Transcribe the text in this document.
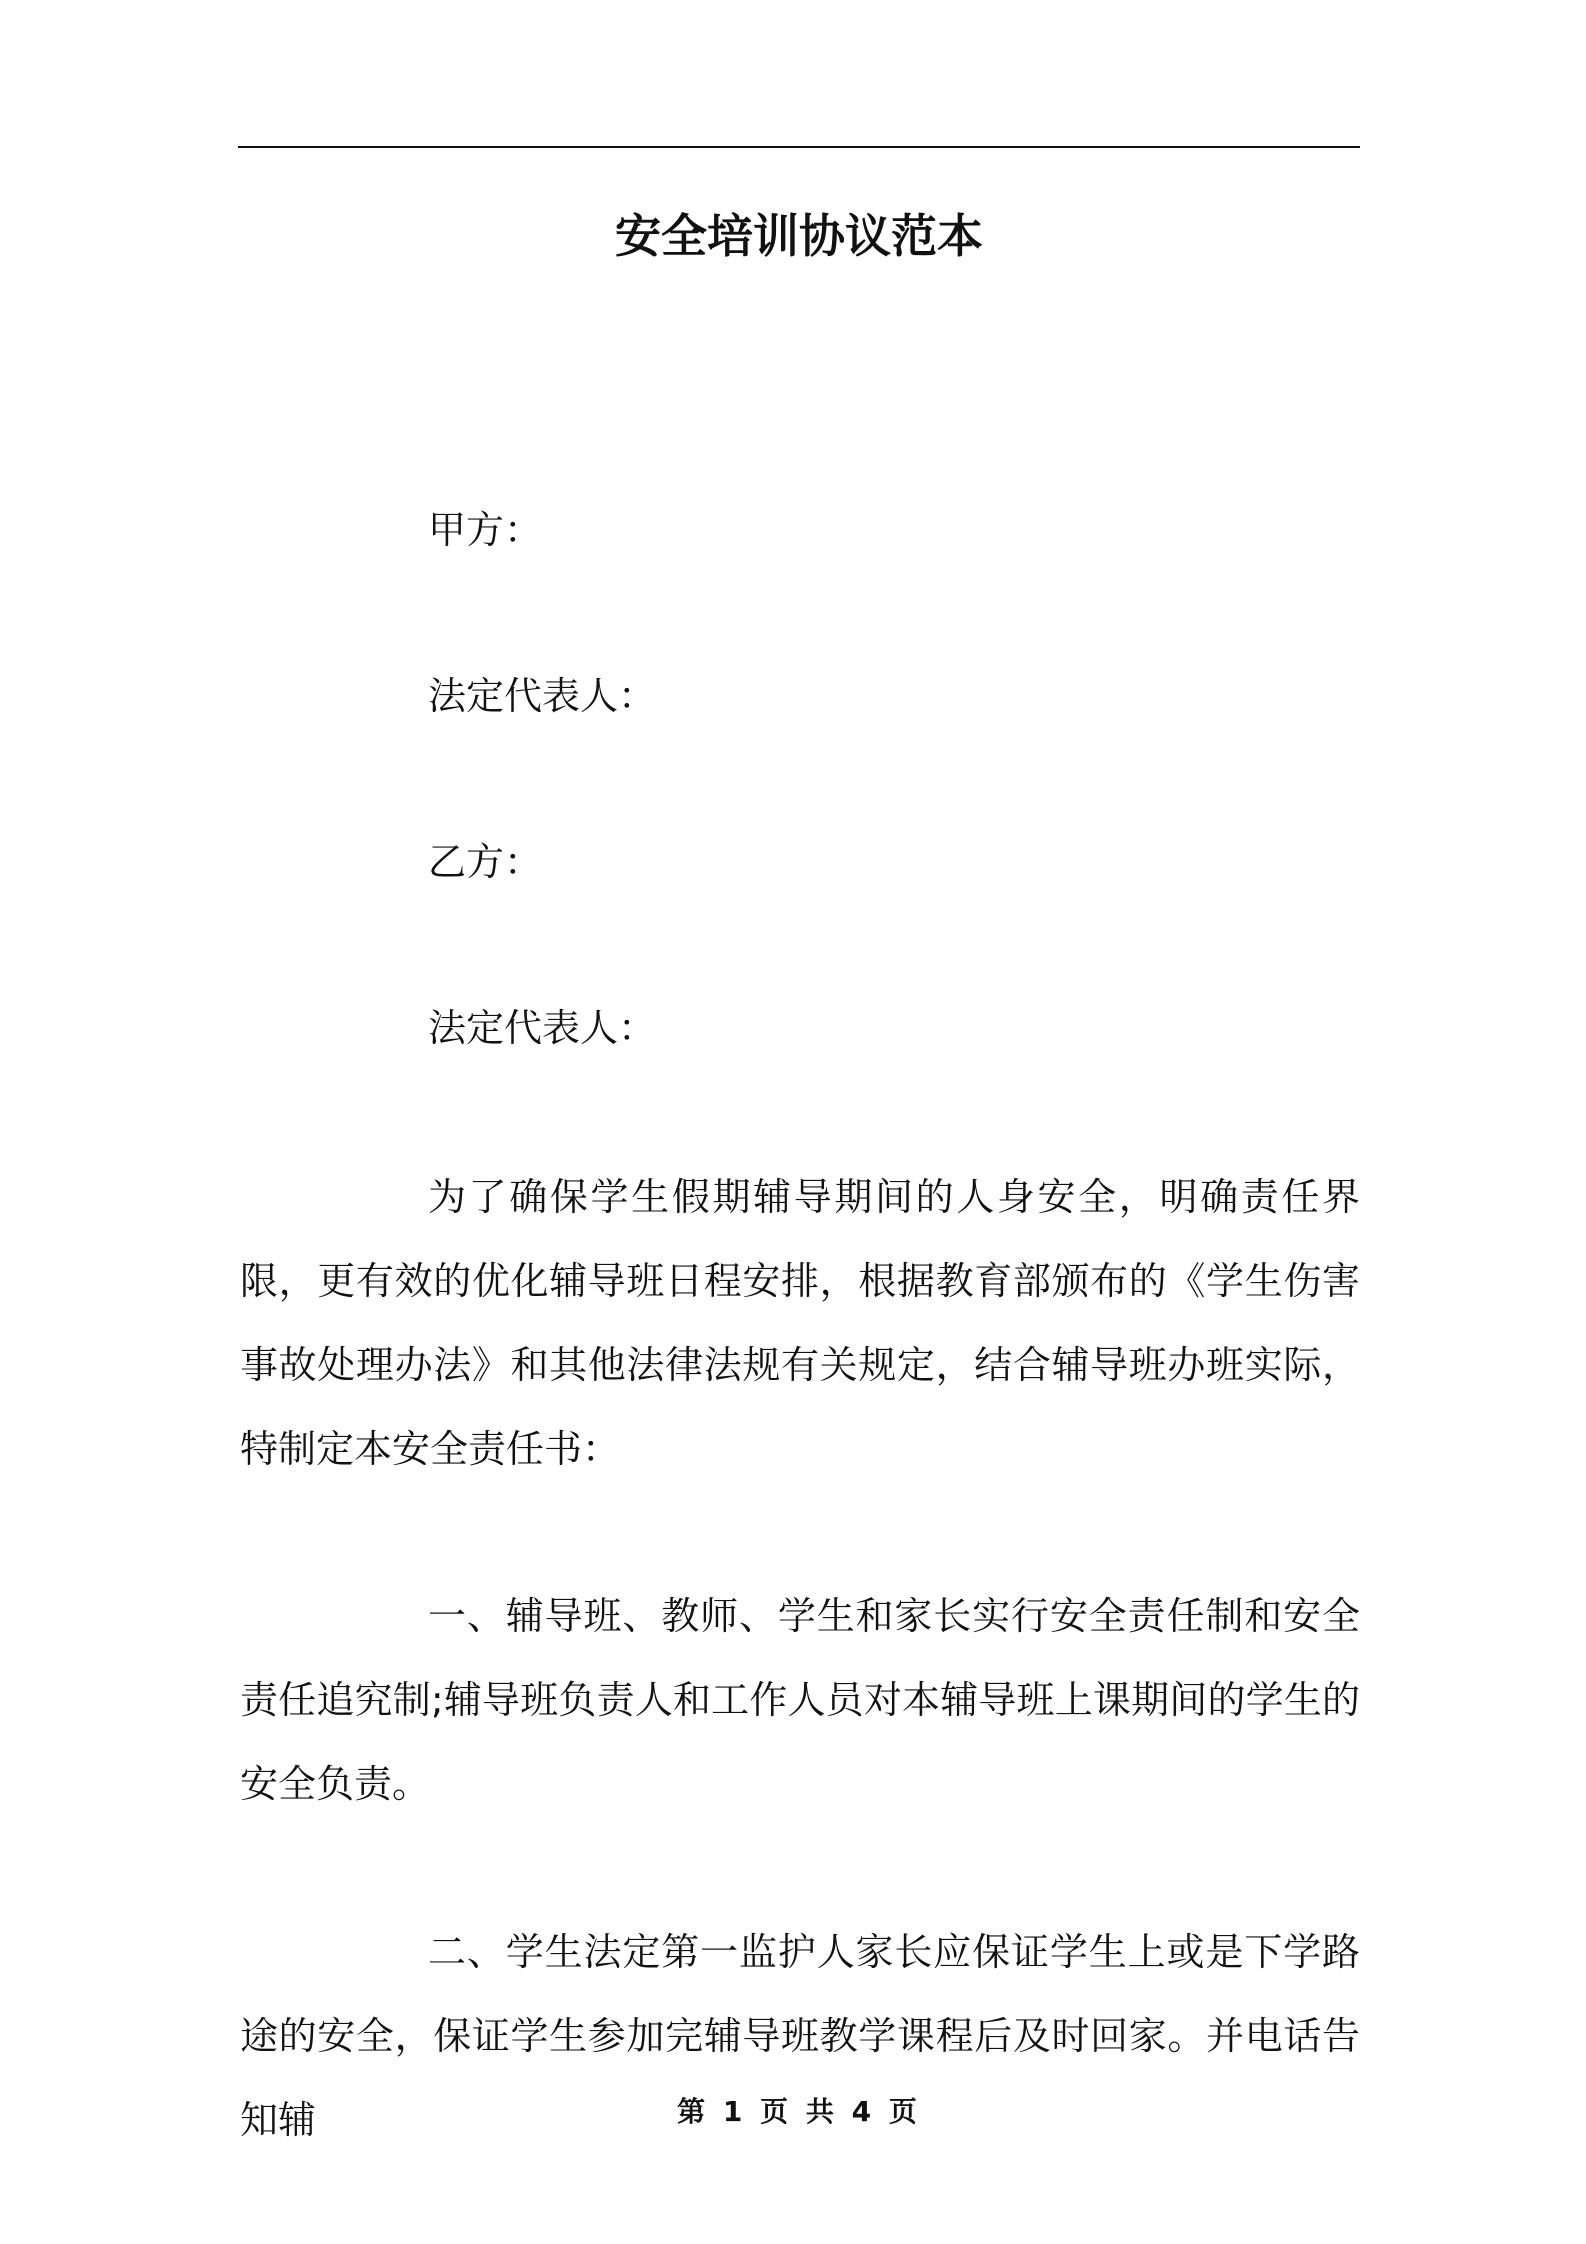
安全培训协议范本
甲方：
法定代表人：
乙方：
法定代表人：

为了确保学生假期辅导期间的人身安全，明确责任界限，更有效的优化辅导班日程安排，根据教育部颁布的《学生伤害事故处理办法》和其他法律法规有关规定，结合辅导班办班实际，特制定本安全责任书：

一、辅导班、教师、学生和家长实行安全责任制和安全责任追究制;辅导班负责人和工作人员对本辅导班上课期间的学生的安全负责。

二、学生法定第一监护人家长应保证学生上或是下学路途的安全，保证学生参加完辅导班教学课程后及时回家。并电话告知辅	第 1 页 共 4 页
